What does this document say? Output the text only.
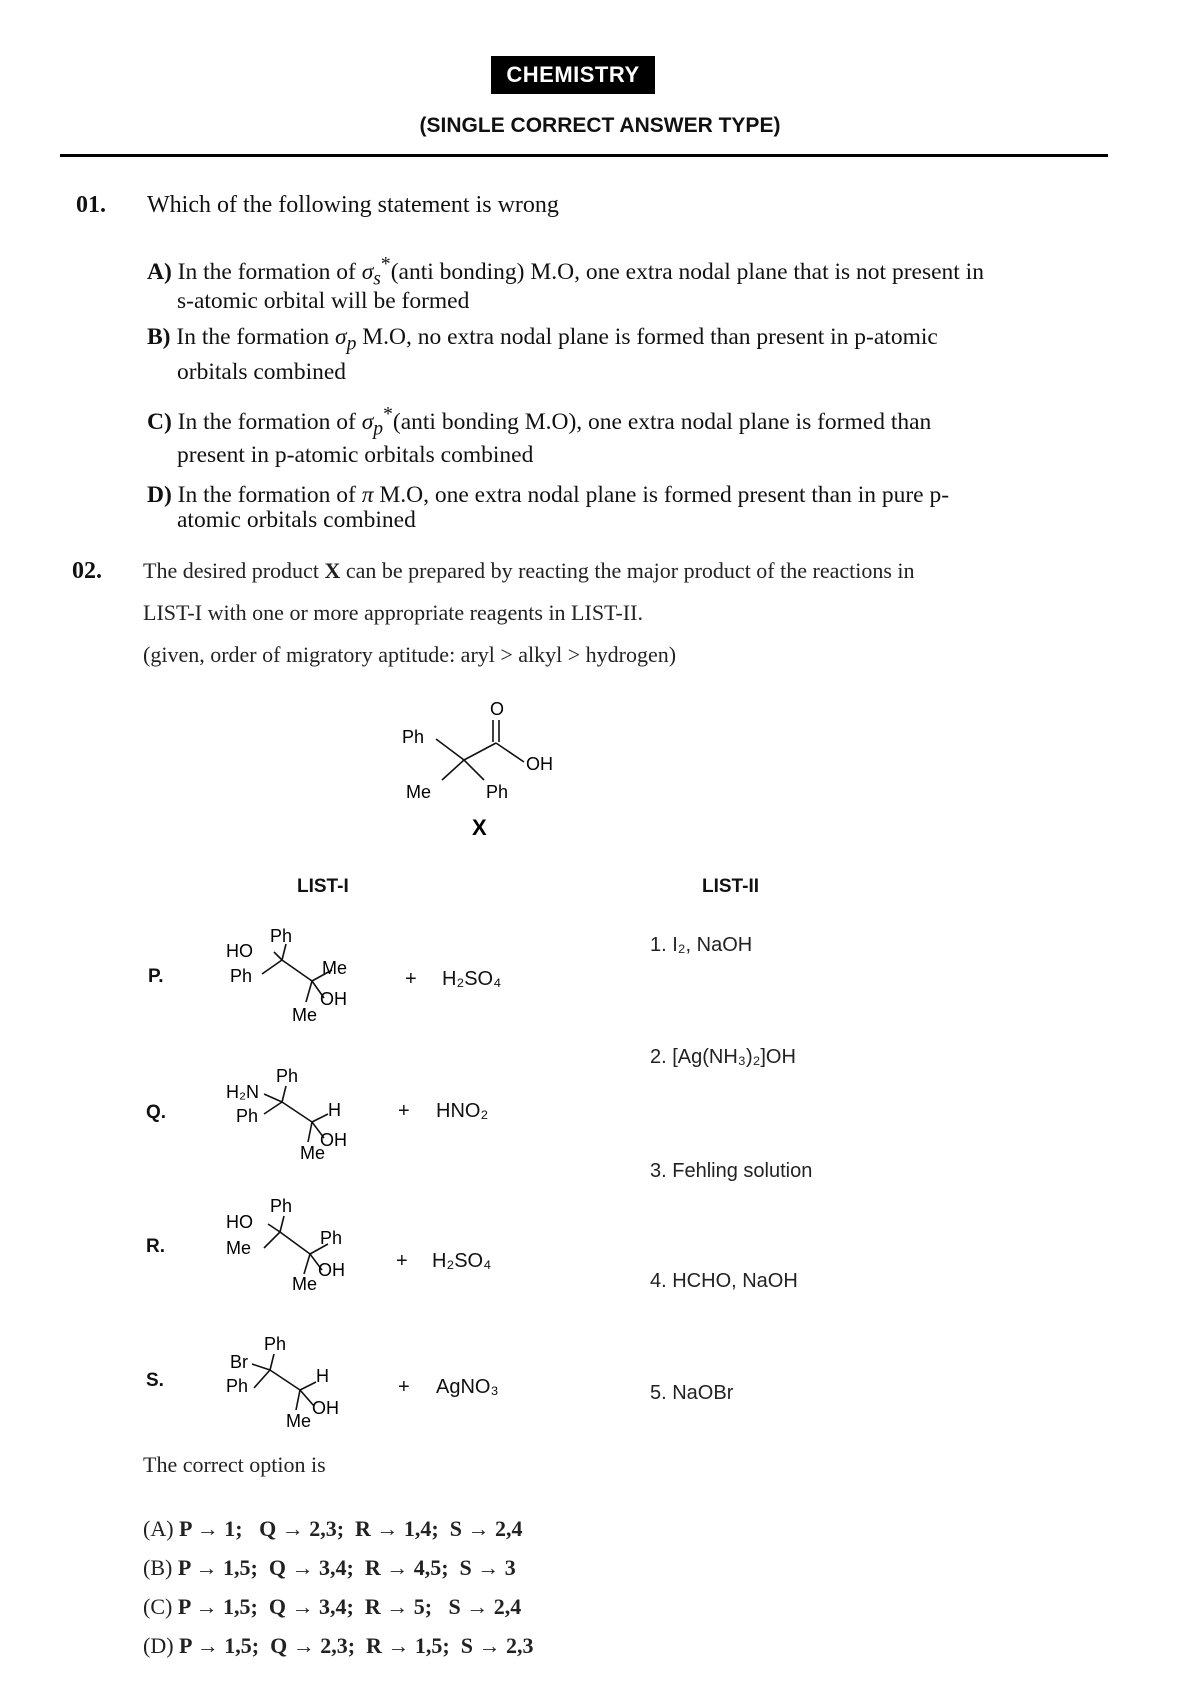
CHEMISTRY
(SINGLE CORRECT ANSWER TYPE)
01. Which of the following statement is wrong
A) In the formation of $\sigma_s^*(anti$ bonding) M.O, one extra nodal plane that is not present in
s-atomic orbital will be formed
B) In the formation $\sigma_p$ M.O, no extra nodal plane is formed than present in p-atomic
orbitals combined
C) In the formation of $\sigma_p^*(anti$ bonding M.O), one extra nodal plane is formed than
present in p-atomic orbitals combined
D) In the formation of π M.O, one extra nodal plane is formed present than in pure p-
atomic orbitals combined
02. The desired product X can be prepared by reacting the major product of the reactions in
LIST-I with one or more appropriate reagents in LIST-II.
(given, order of migratory aptitude: aryl > alkyl > hydrogen)
Ph
Me	Ph
O
OH
X
LIST-I	LIST-II
P.
HO
Ph
Ph	Me
OH
Me
+ H₂SO₄
Q.
H₂N
Ph
Ph	H
OH
Me
+ HNO₂
R.
HO
Ph
Me	Ph
OH
Me
+ H₂SO₄
S.
Br
Ph
Ph	H
OH
Me
+ AgNO₃
1. I₂, NaOH
2. [Ag(NH₃)₂]OH
3. Fehling solution
4. HCHO, NaOH
5. NaOBr
The correct option is
(A) P → 1;   Q → 2,3;  R → 1,4;  S → 2,4
(B) P → 1,5;  Q → 3,4;  R → 4,5;  S → 3
(C) P → 1,5;  Q → 3,4;  R → 5;   S → 2,4
(D) P → 1,5;  Q → 2,3;  R → 1,5;  S → 2,3
